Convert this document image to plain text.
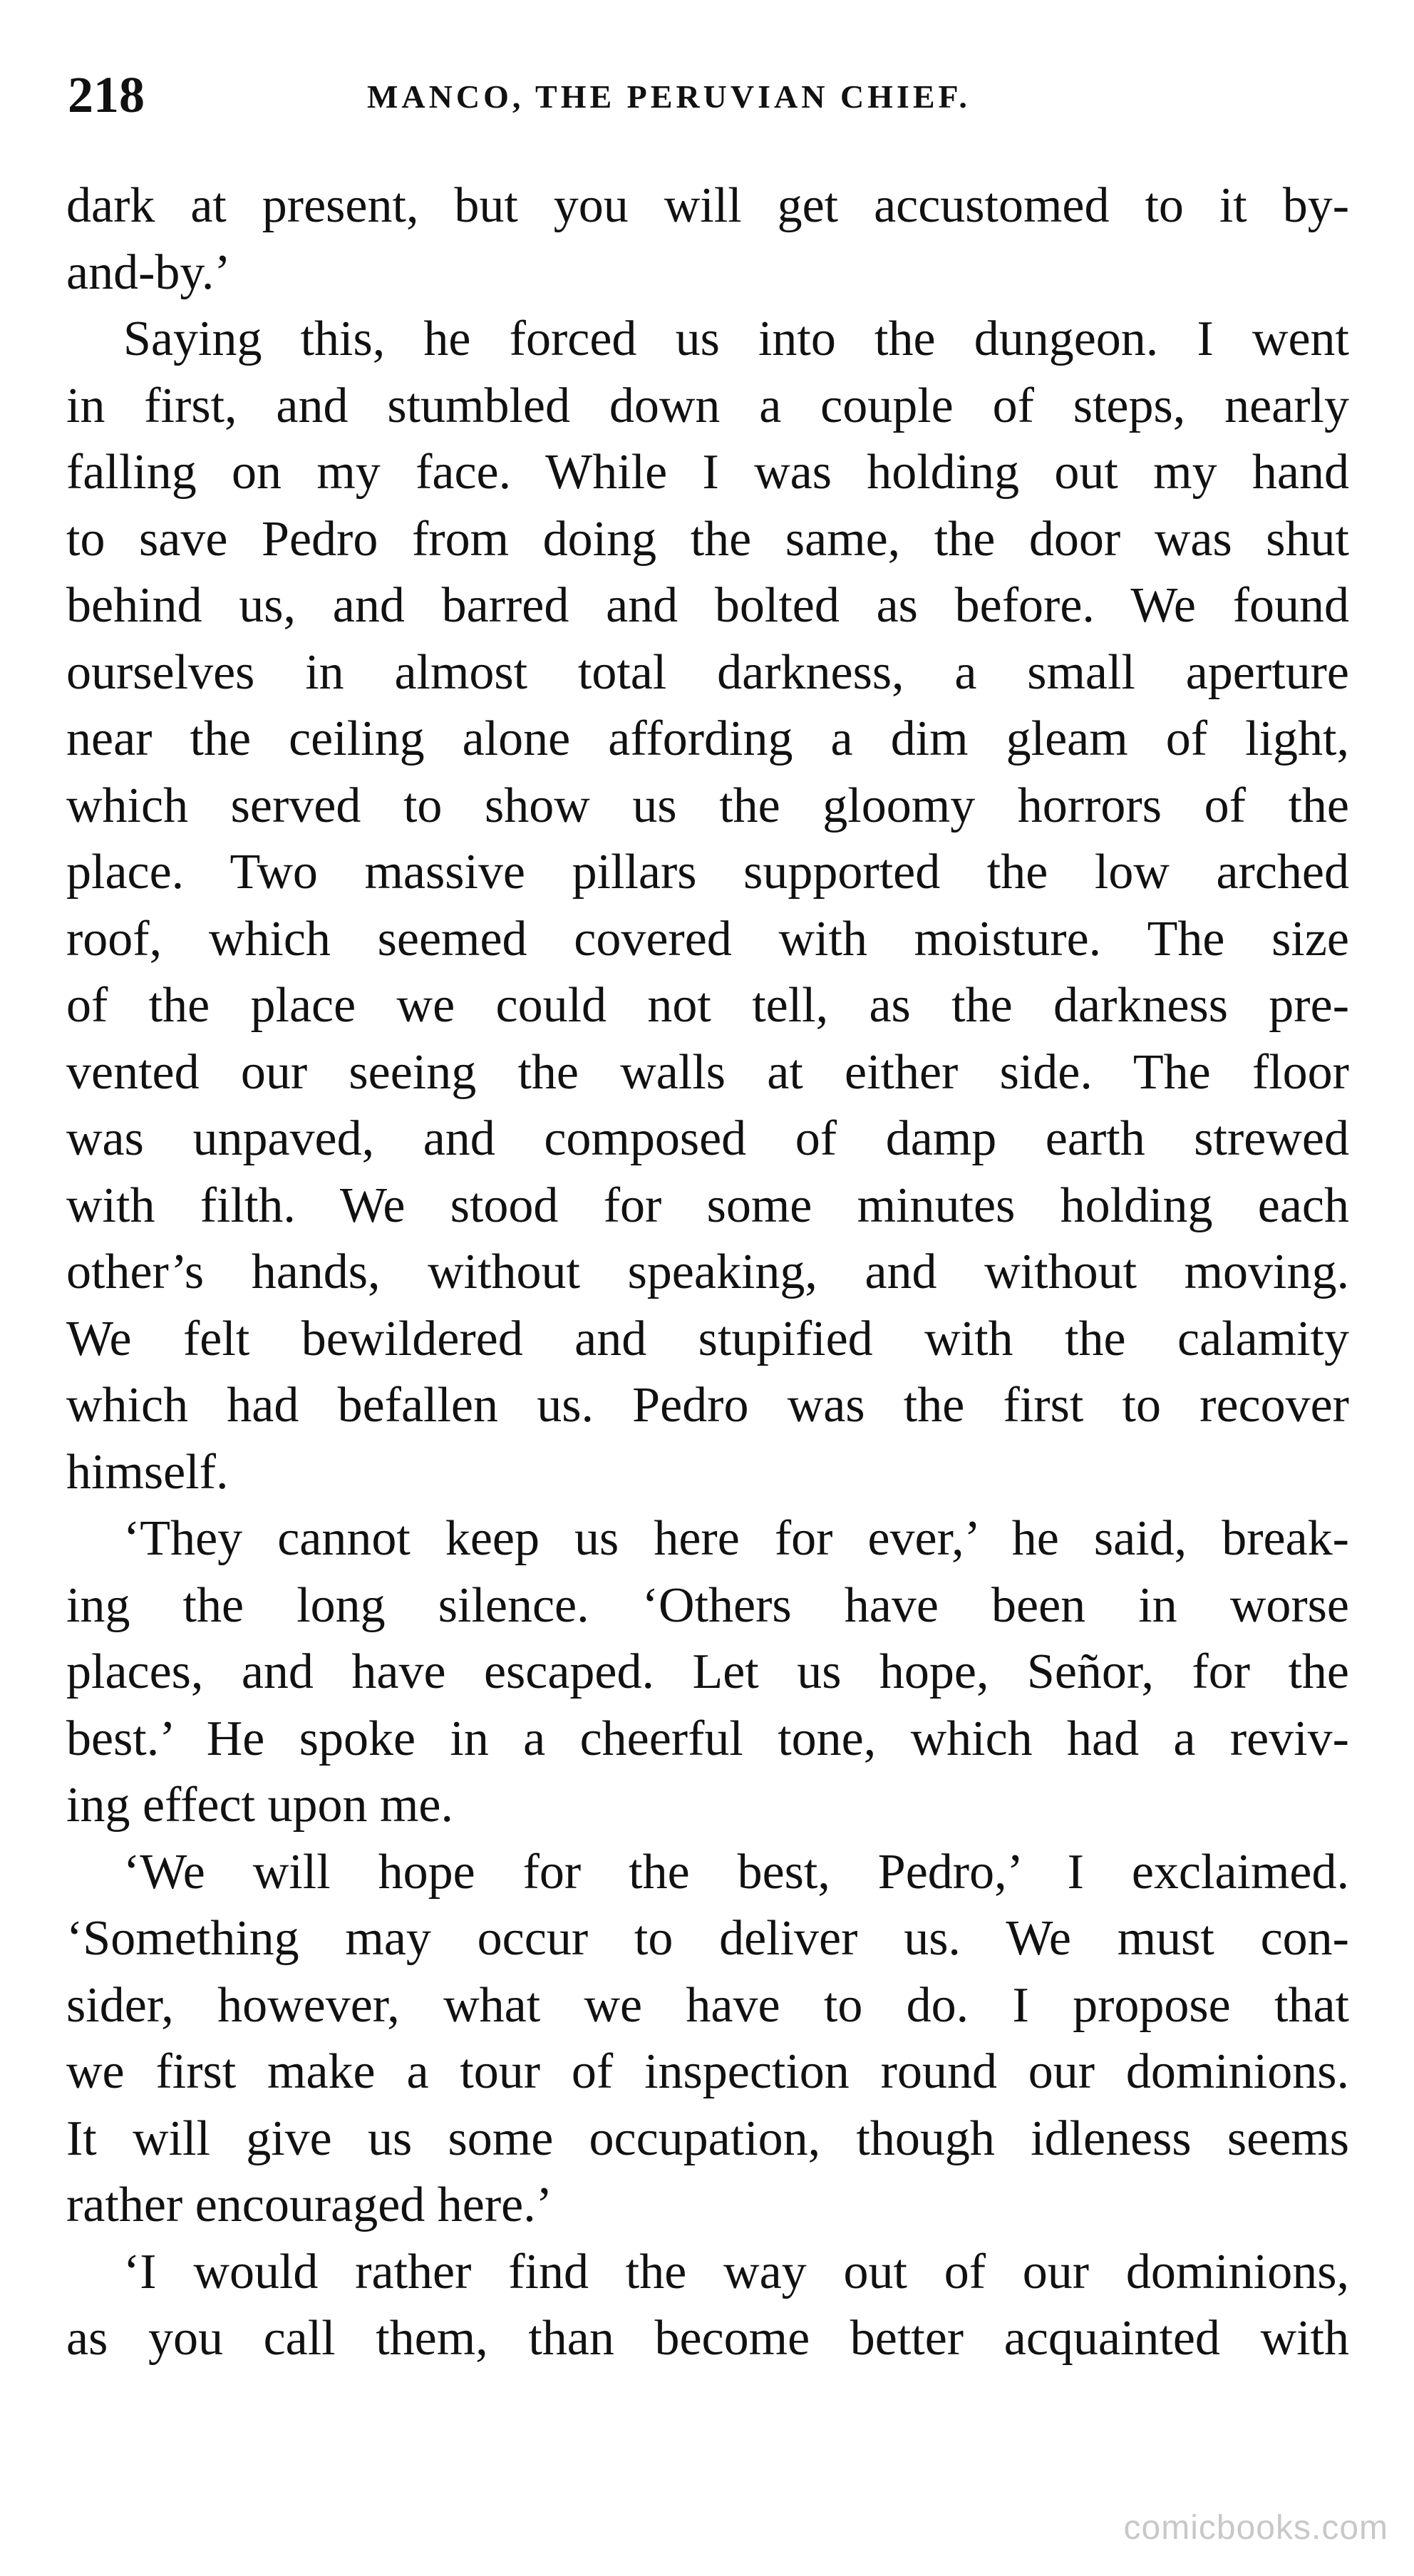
218	MANCO, THE PERUVIAN CHIEF.
dark at present, but you will get accustomed to it by-
and-by.’
Saying this, he forced us into the dungeon. I went
in first, and stumbled down a couple of steps, nearly
falling on my face. While I was holding out my hand
to save Pedro from doing the same, the door was shut
behind us, and barred and bolted as before. We found
ourselves in almost total darkness, a small aperture
near the ceiling alone affording a dim gleam of light,
which served to show us the gloomy horrors of the
place. Two massive pillars supported the low arched
roof, which seemed covered with moisture. The size
of the place we could not tell, as the darkness pre-
vented our seeing the walls at either side. The floor
was unpaved, and composed of damp earth strewed
with filth. We stood for some minutes holding each
other’s hands, without speaking, and without moving.
We felt bewildered and stupified with the calamity
which had befallen us. Pedro was the first to recover
himself.
‘They cannot keep us here for ever,’ he said, break-
ing the long silence. ‘Others have been in worse
places, and have escaped. Let us hope, Señor, for the
best.’ He spoke in a cheerful tone, which had a reviv-
ing effect upon me.
‘We will hope for the best, Pedro,’ I exclaimed.
‘Something may occur to deliver us. We must con-
sider, however, what we have to do. I propose that
we first make a tour of inspection round our dominions.
It will give us some occupation, though idleness seems
rather encouraged here.’
‘I would rather find the way out of our dominions,
as you call them, than become better acquainted with
comicbooks.com
